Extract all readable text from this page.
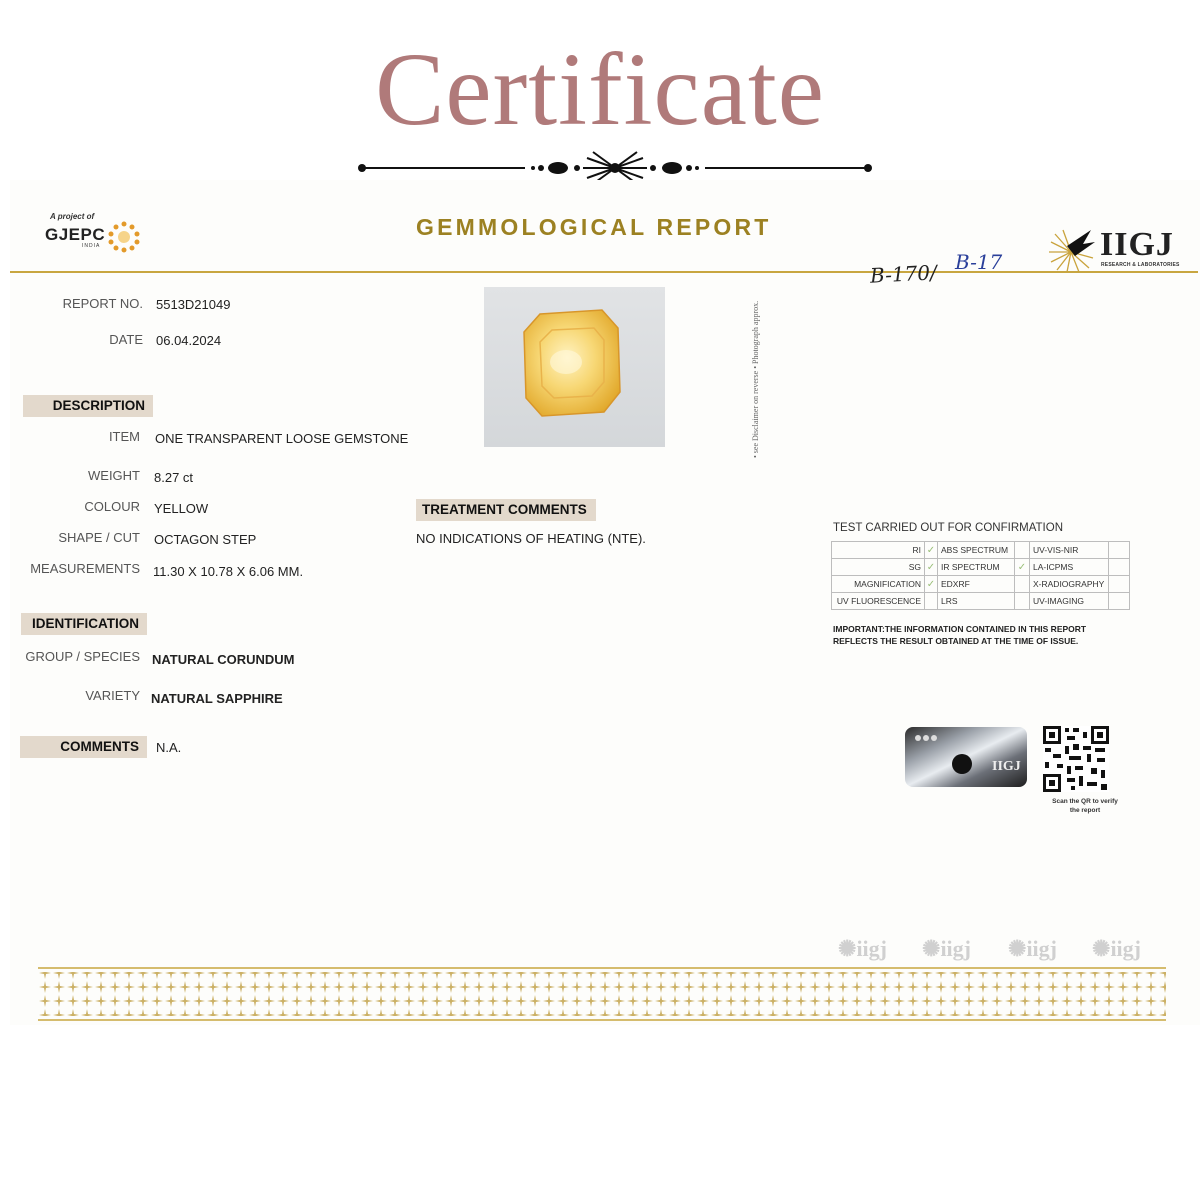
Certificate
A project of
GJEPC
INDIA
GEMMOLOGICAL REPORT	IIGJ
RESEARCH & LABORATORIES
B-170/ B-17
REPORT NO. 5513D21049
DATE 06.04.2024
DESCRIPTION
ITEM ONE TRANSPARENT LOOSE GEMSTONE
WEIGHT 8.27 ct
COLOUR YELLOW
SHAPE / CUT OCTAGON STEP
MEASUREMENTS 11.30 X 10.78 X 6.06 MM.
IDENTIFICATION
GROUP / SPECIES NATURAL CORUNDUM
VARIETY NATURAL SAPPHIRE
COMMENTS	N.A.
• see Disclaimer on reverse • Photograph approx.
TREATMENT COMMENTS
NO INDICATIONS OF HEATING (NTE).
TEST CARRIED OUT FOR CONFIRMATION
RI	✓	ABS SPECTRUM		UV-VIS-NIR	
SG	✓	IR SPECTRUM	✓	LA-ICPMS	
MAGNIFICATION	✓	EDXRF		X-RADIOGRAPHY	
UV FLUORESCENCE		LRS		UV-IMAGING	
IMPORTANT:THE INFORMATION CONTAINED IN THIS REPORT REFLECTS THE RESULT OBTAINED AT THE TIME OF ISSUE.
IIGJ
Scan the QR to verify the report
✺iigj ✺iigj ✺iigj ✺iigj
